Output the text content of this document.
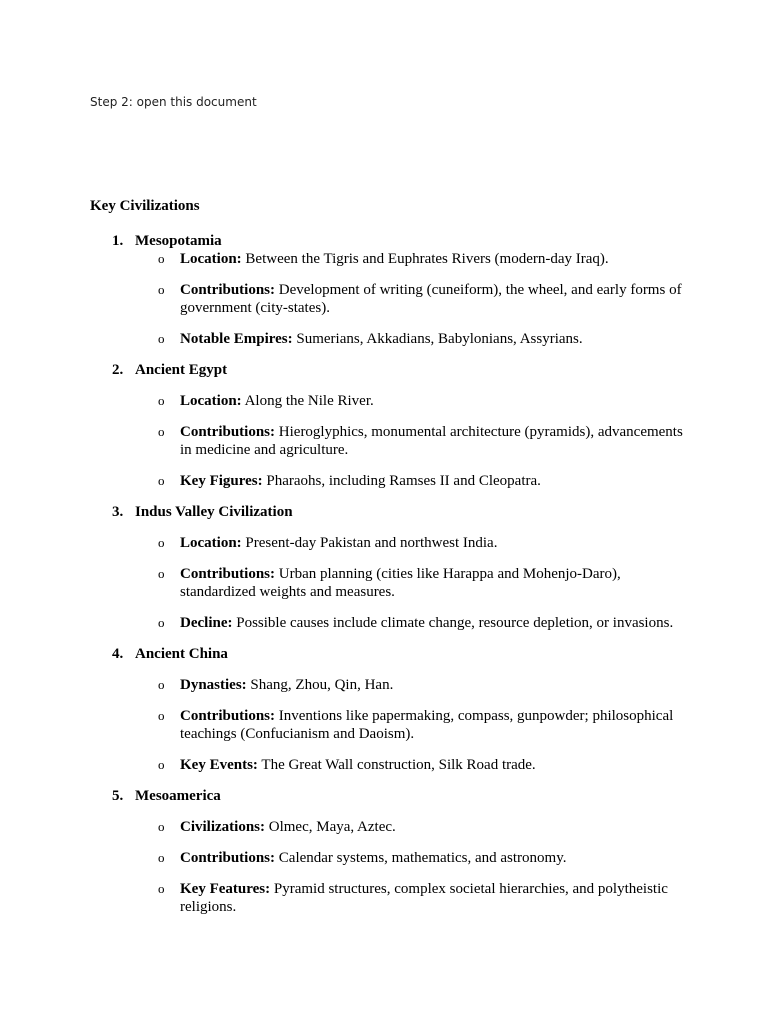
Step 2: open this document
Key Civilizations
1. Mesopotamia
o Location: Between the Tigris and Euphrates Rivers (modern-day Iraq).
o Contributions: Development of writing (cuneiform), the wheel, and early forms of government (city-states).
o Notable Empires: Sumerians, Akkadians, Babylonians, Assyrians.
2. Ancient Egypt
o Location: Along the Nile River.
o Contributions: Hieroglyphics, monumental architecture (pyramids), advancements in medicine and agriculture.
o Key Figures: Pharaohs, including Ramses II and Cleopatra.
3. Indus Valley Civilization
o Location: Present-day Pakistan and northwest India.
o Contributions: Urban planning (cities like Harappa and Mohenjo-Daro), standardized weights and measures.
o Decline: Possible causes include climate change, resource depletion, or invasions.
4. Ancient China
o Dynasties: Shang, Zhou, Qin, Han.
o Contributions: Inventions like papermaking, compass, gunpowder; philosophical teachings (Confucianism and Daoism).
o Key Events: The Great Wall construction, Silk Road trade.
5. Mesoamerica
o Civilizations: Olmec, Maya, Aztec.
o Contributions: Calendar systems, mathematics, and astronomy.
o Key Features: Pyramid structures, complex societal hierarchies, and polytheistic religions.
